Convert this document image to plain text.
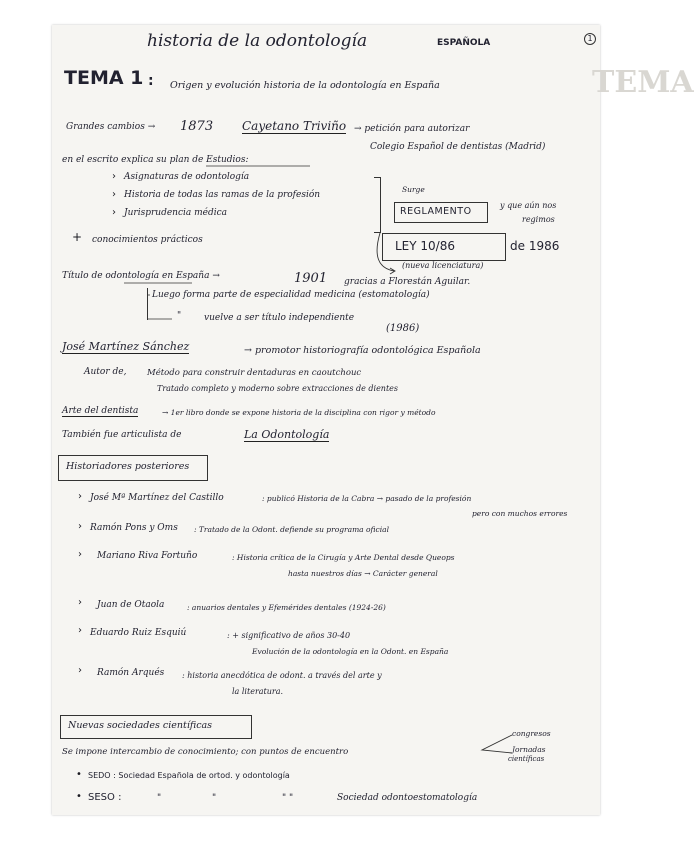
TEMA
historia de la odontología	ESPAÑOLA	1
TEMA 1 : Origen y evolución historia de la odontología en España
Grandes cambios → 1873 Cayetano Triviño → petición para autorizar
Colegio Español de dentistas (Madrid)
en el escrito explica su plan de Estudios:
› Asignaturas de odontología
› Historia de todas las ramas de la profesión
› Jurisprudencia médica
+ conocimientos prácticos
Surge
REGLAMENTO
y que aún nos
regimos
LEY 10/86	de 1986
(nueva licenciatura)
Título de odontología en España →	1901 gracias a Florestán Aguilar.
Luego forma parte de especialidad medicina (estomatología)
"	vuelve a ser título independiente
(1986)
José Martínez Sánchez	→ promotor historiografía odontológica Española
Autor de, Método para construir dentaduras en caoutchouc
Tratado completo y moderno sobre extracciones de dientes
Arte del dentista	→ 1er libro donde se expone historia de la disciplina con rigor y método
También fue articulista de	La Odontología
Historiadores posteriores
› José Mª Martínez del Castillo	: publicó Historia de la Cabra → pasado de la profesión
pero con muchos errores
› Ramón Pons y Oms : Tratado de la Odont. defiende su programa oficial
› Mariano Riva Fortuño	: Historia crítica de la Cirugía y Arte Dental desde Queops
hasta nuestros días → Carácter general
› Juan de Otaola	: anuarios dentales y Efemérides dentales (1924-26)
› Eduardo Ruiz Esquiú	: + significativo de años 30-40
Evolución de la odontología en la Odont. en España
› Ramón Arqués : historia anecdótica de odont. a través del arte y
la literatura.
Nuevas sociedades científicas
Se impone intercambio de conocimiento; con puntos de encuentro
congresos
Jornadas
científicas
• SEDO : Sociedad Española de ortod. y odontología
• SESO :	"	"	" "	Sociedad odontoestomatología
